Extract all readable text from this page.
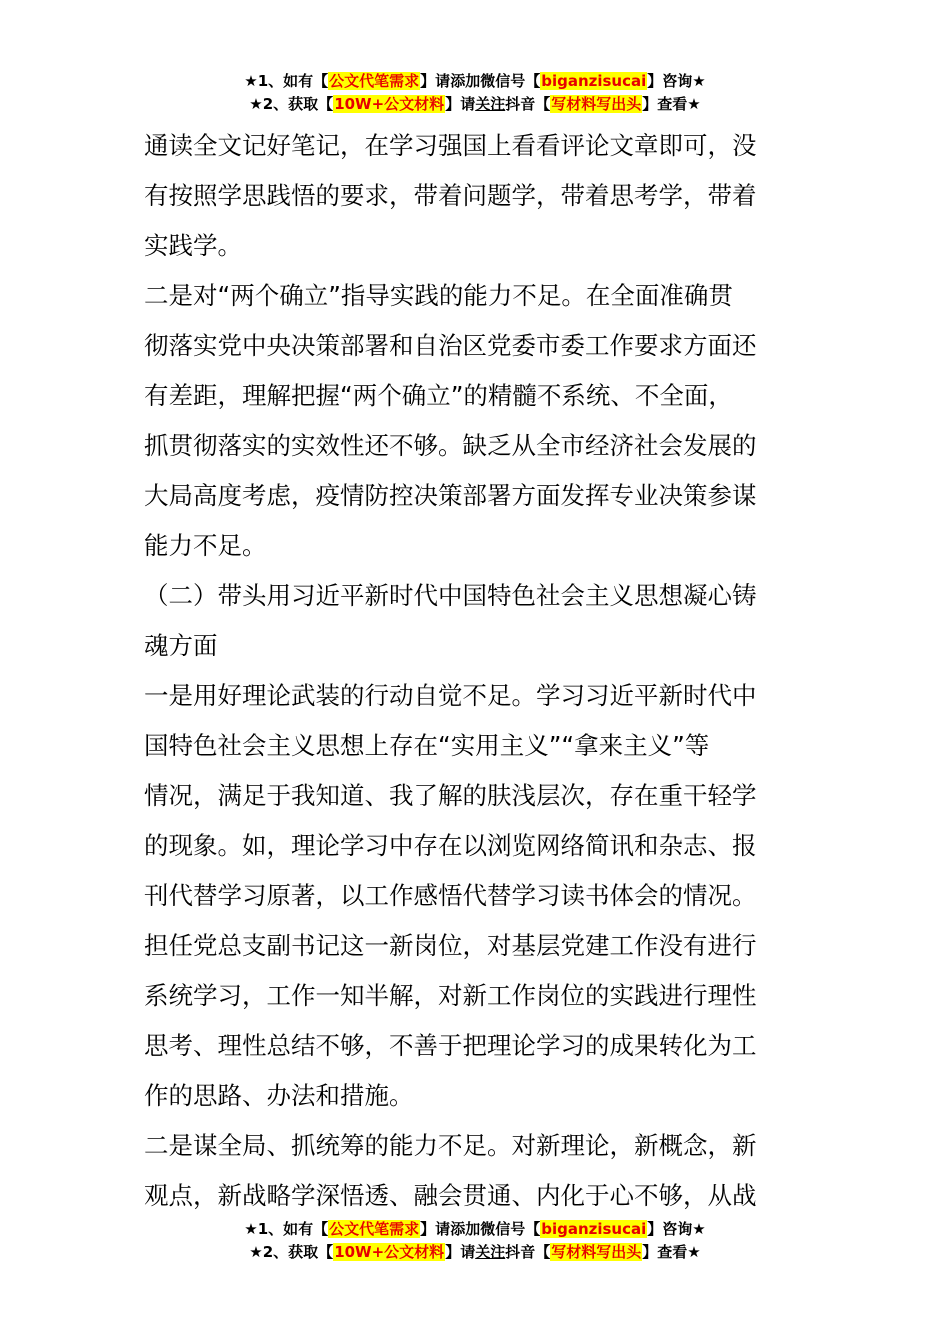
★1、如有【公文代笔需求】请添加微信号【biganzisucai】咨询★
★2、获取【10W+公文材料】请关注抖音【写材料写出头】查看★

通读全文记好笔记，在学习强国上看看评论文章即可，没

有按照学思践悟的要求，带着问题学，带着思考学，带着

实践学。

二是对“两个确立”指导实践的能力不足。在全面准确贯

彻落实党中央决策部署和自治区党委市委工作要求方面还

有差距，理解把握“两个确立”的精髓不系统、不全面，

抓贯彻落实的实效性还不够。缺乏从全市经济社会发展的

大局高度考虑，疫情防控决策部署方面发挥专业决策参谋

能力不足。

（二）带头用习近平新时代中国特色社会主义思想凝心铸

魂方面

一是用好理论武装的行动自觉不足。学习习近平新时代中

国特色社会主义思想上存在“实用主义”“拿来主义”等

情况，满足于我知道、我了解的肤浅层次，存在重干轻学

的现象。如，理论学习中存在以浏览网络简讯和杂志、报

刊代替学习原著，以工作感悟代替学习读书体会的情况。

担任党总支副书记这一新岗位，对基层党建工作没有进行

系统学习，工作一知半解，对新工作岗位的实践进行理性

思考、理性总结不够，不善于把理论学习的成果转化为工

作的思路、办法和措施。

二是谋全局、抓统筹的能力不足。对新理论，新概念，新

观点，新战略学深悟透、融会贯通、内化于心不够，从战

★1、如有【公文代笔需求】请添加微信号【biganzisucai】咨询★
★2、获取【10W+公文材料】请关注抖音【写材料写出头】查看★
